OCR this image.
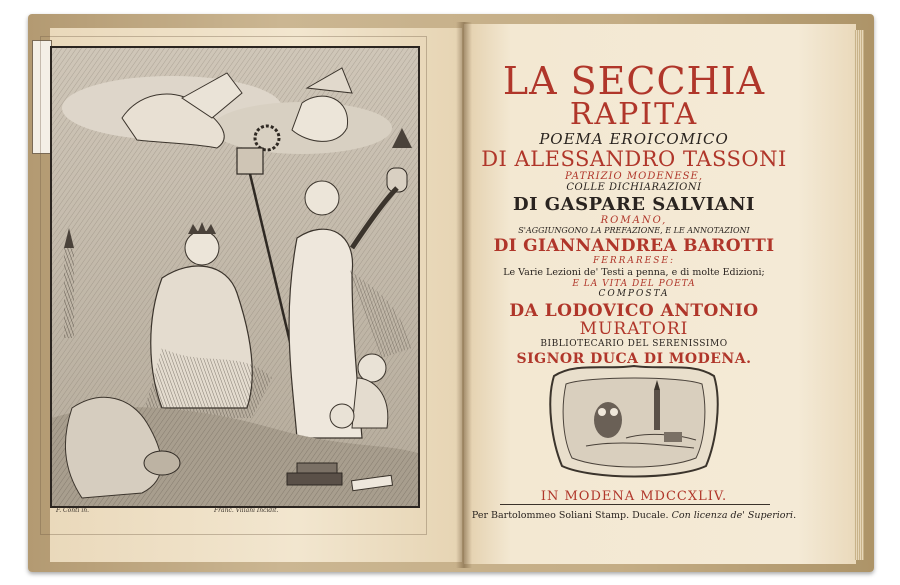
F. Conti in.	Franc. Villani Incidit.
LA SECCHIA
RAPITA
POEMA EROICOMICO
DI ALESSANDRO TASSONI
PATRIZIO MODENESE,
COLLE DICHIARAZIONI
DI GASPARE SALVIANI
ROMANO,
S'AGGIUNGONO LA PREFAZIONE, E LE ANNOTAZIONI
DI GIANNANDREA BAROTTI
FERRARESE:
Le Varie Lezioni de' Testi a penna, e di molte Edizioni;
E LA VITA DEL POETA
COMPOSTA
DA LODOVICO ANTONIO
MURATORI
BIBLIOTECARIO DEL SERENISSIMO
SIGNOR DUCA DI MODENA.
IN MODENA MDCCXLIV.
Per Bartolommeo Soliani Stamp. Ducale. Con licenza de' Superiori.
